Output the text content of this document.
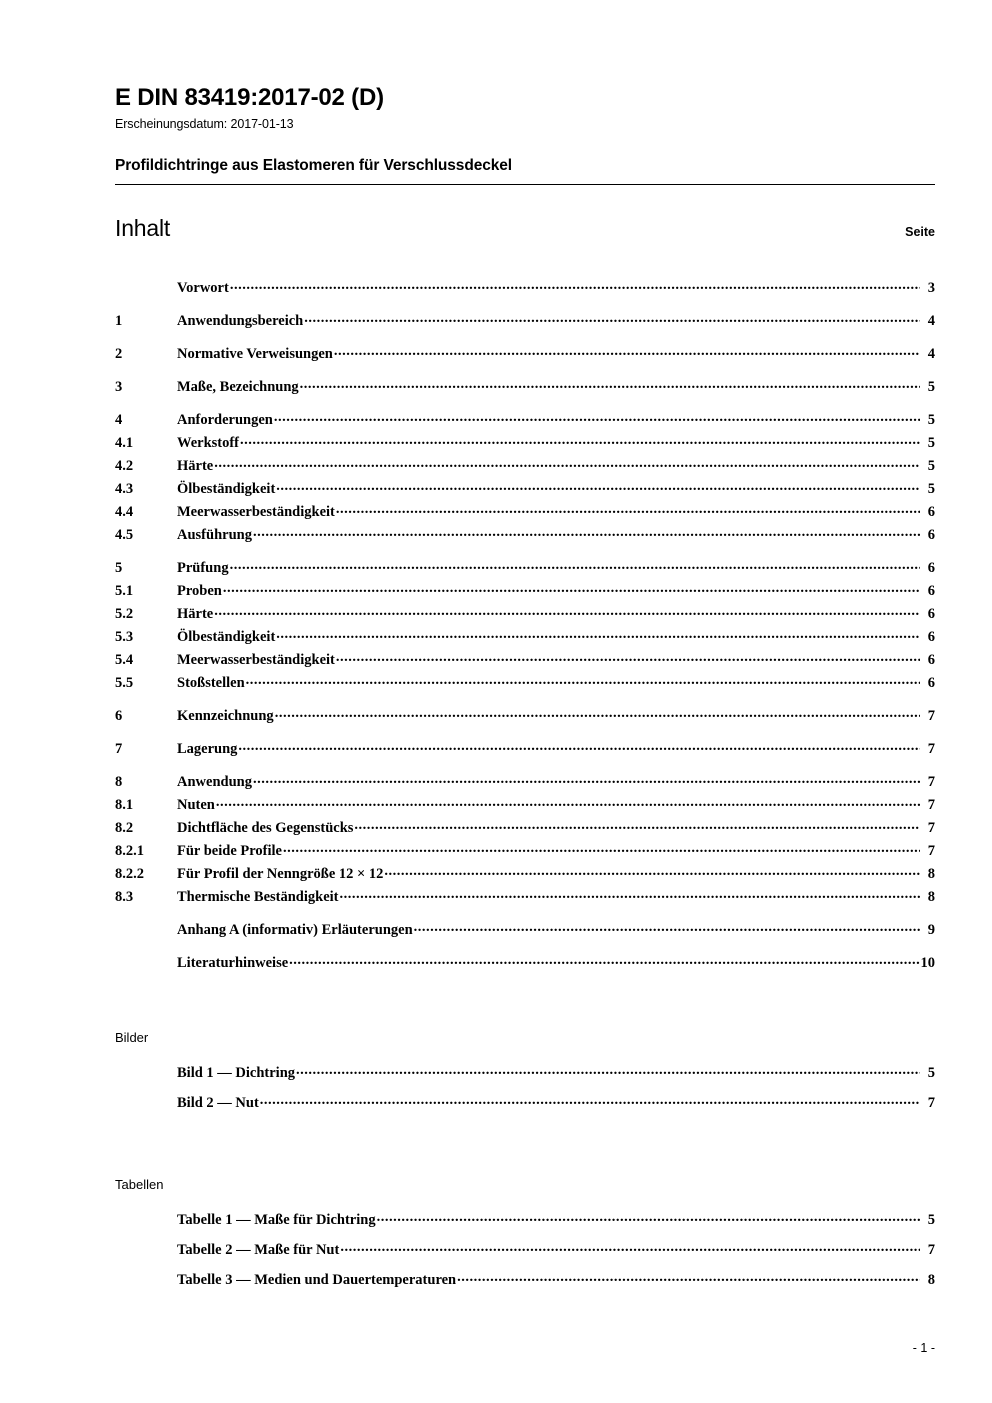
E DIN 83419:2017-02 (D)
Erscheinungsdatum: 2017-01-13
Profildichtringe aus Elastomeren für Verschlussdeckel
Inhalt	Seite
Vorwort .....	3
1	Anwendungsbereich .....	4
2	Normative Verweisungen .....	4
3	Maße, Bezeichnung .....	5
4	Anforderungen .....	5
4.1	Werkstoff .....	5
4.2	Härte .....	5
4.3	Ölbeständigkeit .....	5
4.4	Meerwasserbeständigkeit .....	6
4.5	Ausführung .....	6
5	Prüfung .....	6
5.1	Proben .....	6
5.2	Härte .....	6
5.3	Ölbeständigkeit .....	6
5.4	Meerwasserbeständigkeit .....	6
5.5	Stoßstellen .....	6
6	Kennzeichnung .....	7
7	Lagerung .....	7
8	Anwendung .....	7
8.1	Nuten .....	7
8.2	Dichtfläche des Gegenstücks .....	7
8.2.1	Für beide Profile .....	7
8.2.2	Für Profil der Nenngröße 12 × 12 .....	8
8.3	Thermische Beständigkeit .....	8
Anhang A (informativ) Erläuterungen .....	9
Literaturhinweise .....	10
Bilder
Bild 1 — Dichtring .....	5
Bild 2 — Nut .....	7
Tabellen
Tabelle 1 — Maße für Dichtring .....	5
Tabelle 2 — Maße für Nut .....	7
Tabelle 3 — Medien und Dauertemperaturen .....	8
- 1 -
